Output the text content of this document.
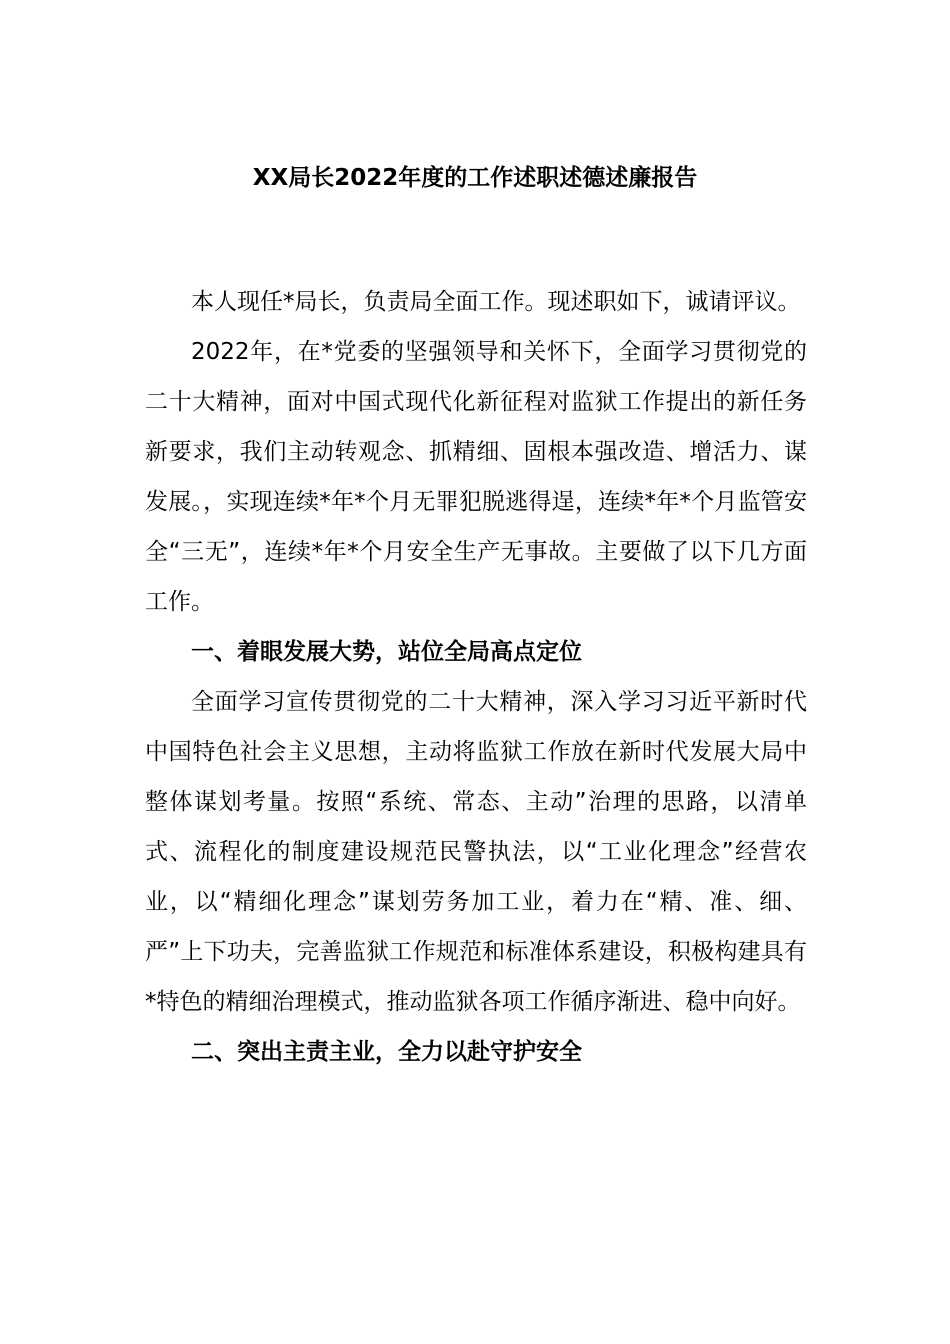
XX局长2022年度的工作述职述德述廉报告

本人现任*局长，负责局全面工作。现述职如下，诚请评议。

2022年，在*党委的坚强领导和关怀下，全面学习贯彻党的二十大精神，面对中国式现代化新征程对监狱工作提出的新任务新要求，我们主动转观念、抓精细、固根本强改造、增活力、谋发展。，实现连续*年*个月无罪犯脱逃得逞，连续*年*个月监管安全“三无”，连续*年*个月安全生产无事故。主要做了以下几方面工作。

一、着眼发展大势，站位全局高点定位

全面学习宣传贯彻党的二十大精神，深入学习习近平新时代中国特色社会主义思想，主动将监狱工作放在新时代发展大局中整体谋划考量。按照“系统、常态、主动”治理的思路，以清单式、流程化的制度建设规范民警执法，以“工业化理念”经营农业，以“精细化理念”谋划劳务加工业，着力在“精、准、细、严”上下功夫，完善监狱工作规范和标准体系建设，积极构建具有*特色的精细治理模式，推动监狱各项工作循序渐进、稳中向好。

二、突出主责主业，全力以赴守护安全
